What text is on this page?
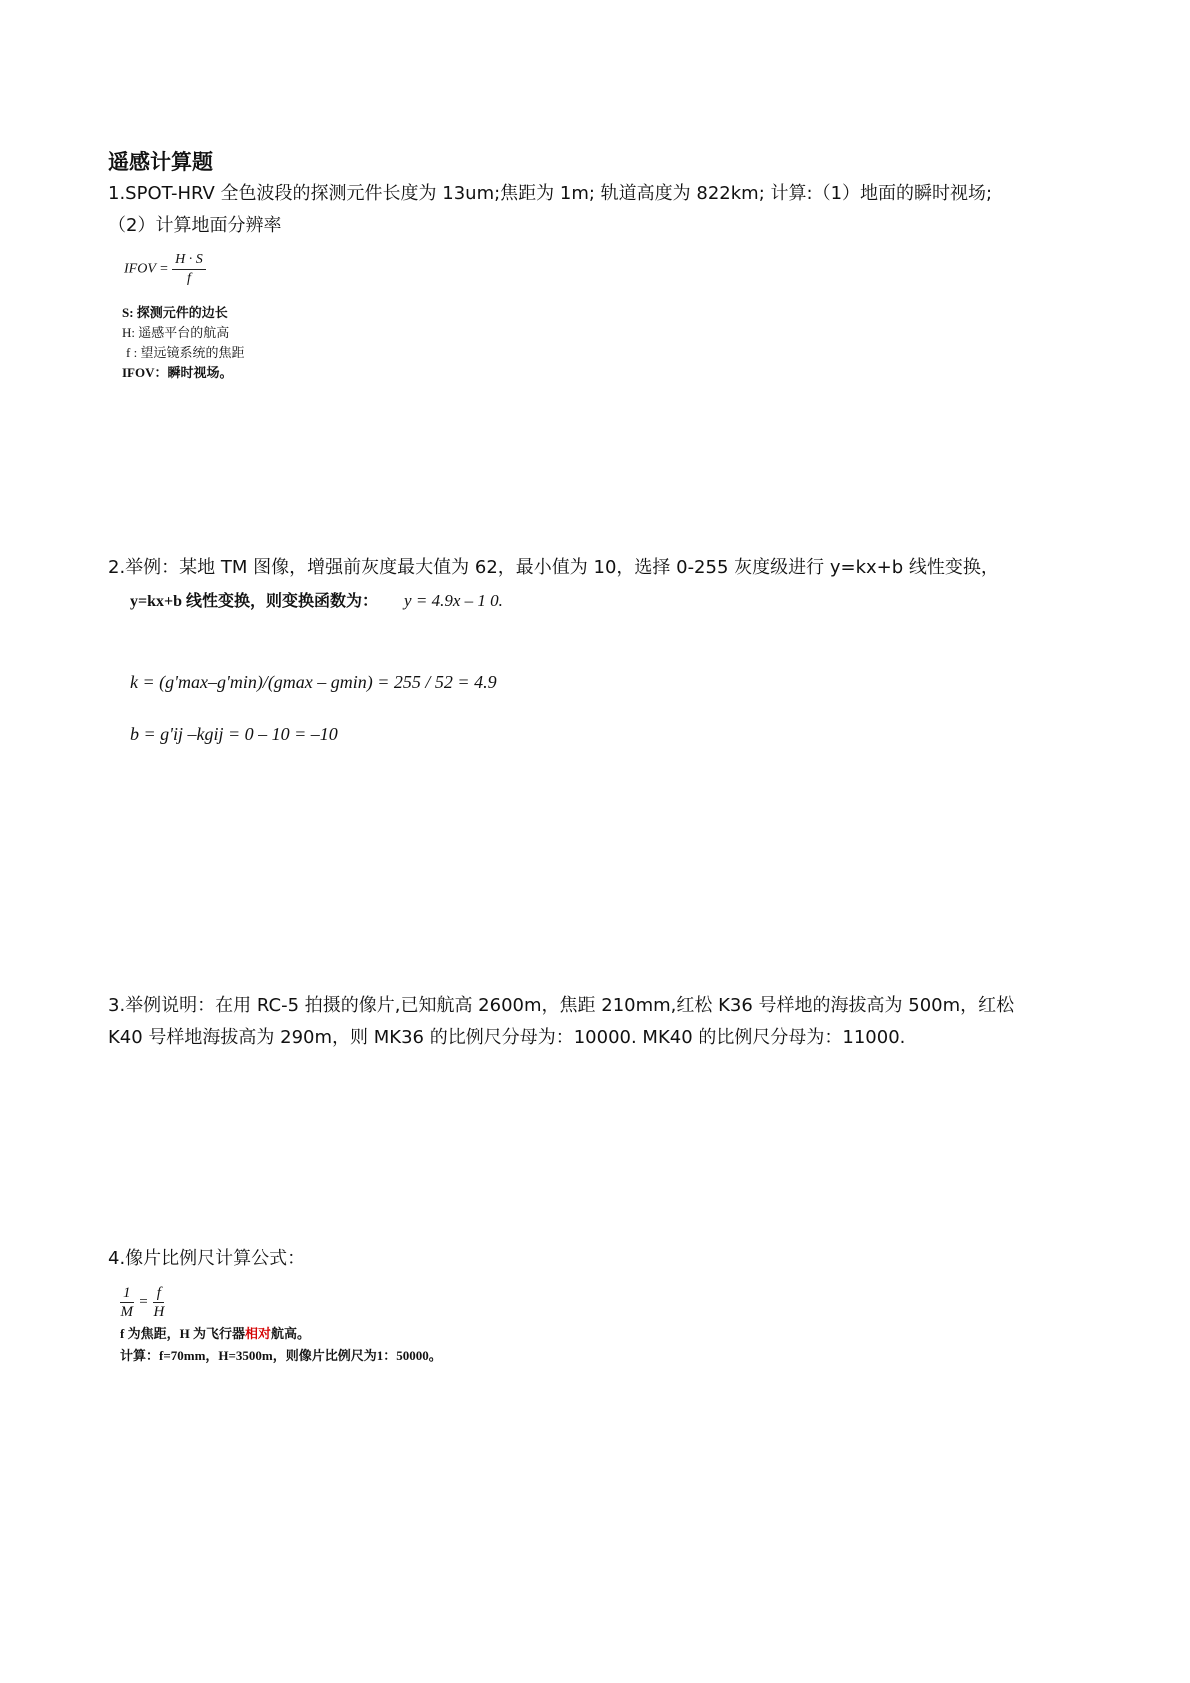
遥感计算题
1.SPOT-HRV 全色波段的探测元件长度为 13um;焦距为 1m; 轨道高度为 822km; 计算:（1）地面的瞬时视场;
（2）计算地面分辨率
IFOV = $\frac{H \cdot S}{f}$
S: 探测元件的边长
H: 遥感平台的航高
f : 望远镜系统的焦距
IFOV：瞬时视场。
2.举例：某地 TM 图像，增强前灰度最大值为 62，最小值为 10，选择 0-255 灰度级进行 y=kx+b 线性变换，
y=kx+b 线性变换，则变换函数为： y = 4.9x – 1 0.
k = (g'max–g'min)/(gmax – gmin) = 255 / 52 = 4.9
b = g'ij –kgij = 0 – 10 = –10
3.举例说明：在用 RC-5 拍摄的像片,已知航高 2600m，焦距 210mm,红松 K36 号样地的海拔高为 500m，红松
K40 号样地海拔高为 290m，则 MK36 的比例尺分母为：10000. MK40 的比例尺分母为：11000.
4.像片比例尺计算公式：
$\frac{1}{M} = \frac{f}{H}$
f 为焦距，H 为飞行器相对航高。
计算：f=70mm，H=3500m，则像片比例尺为1：50000。
